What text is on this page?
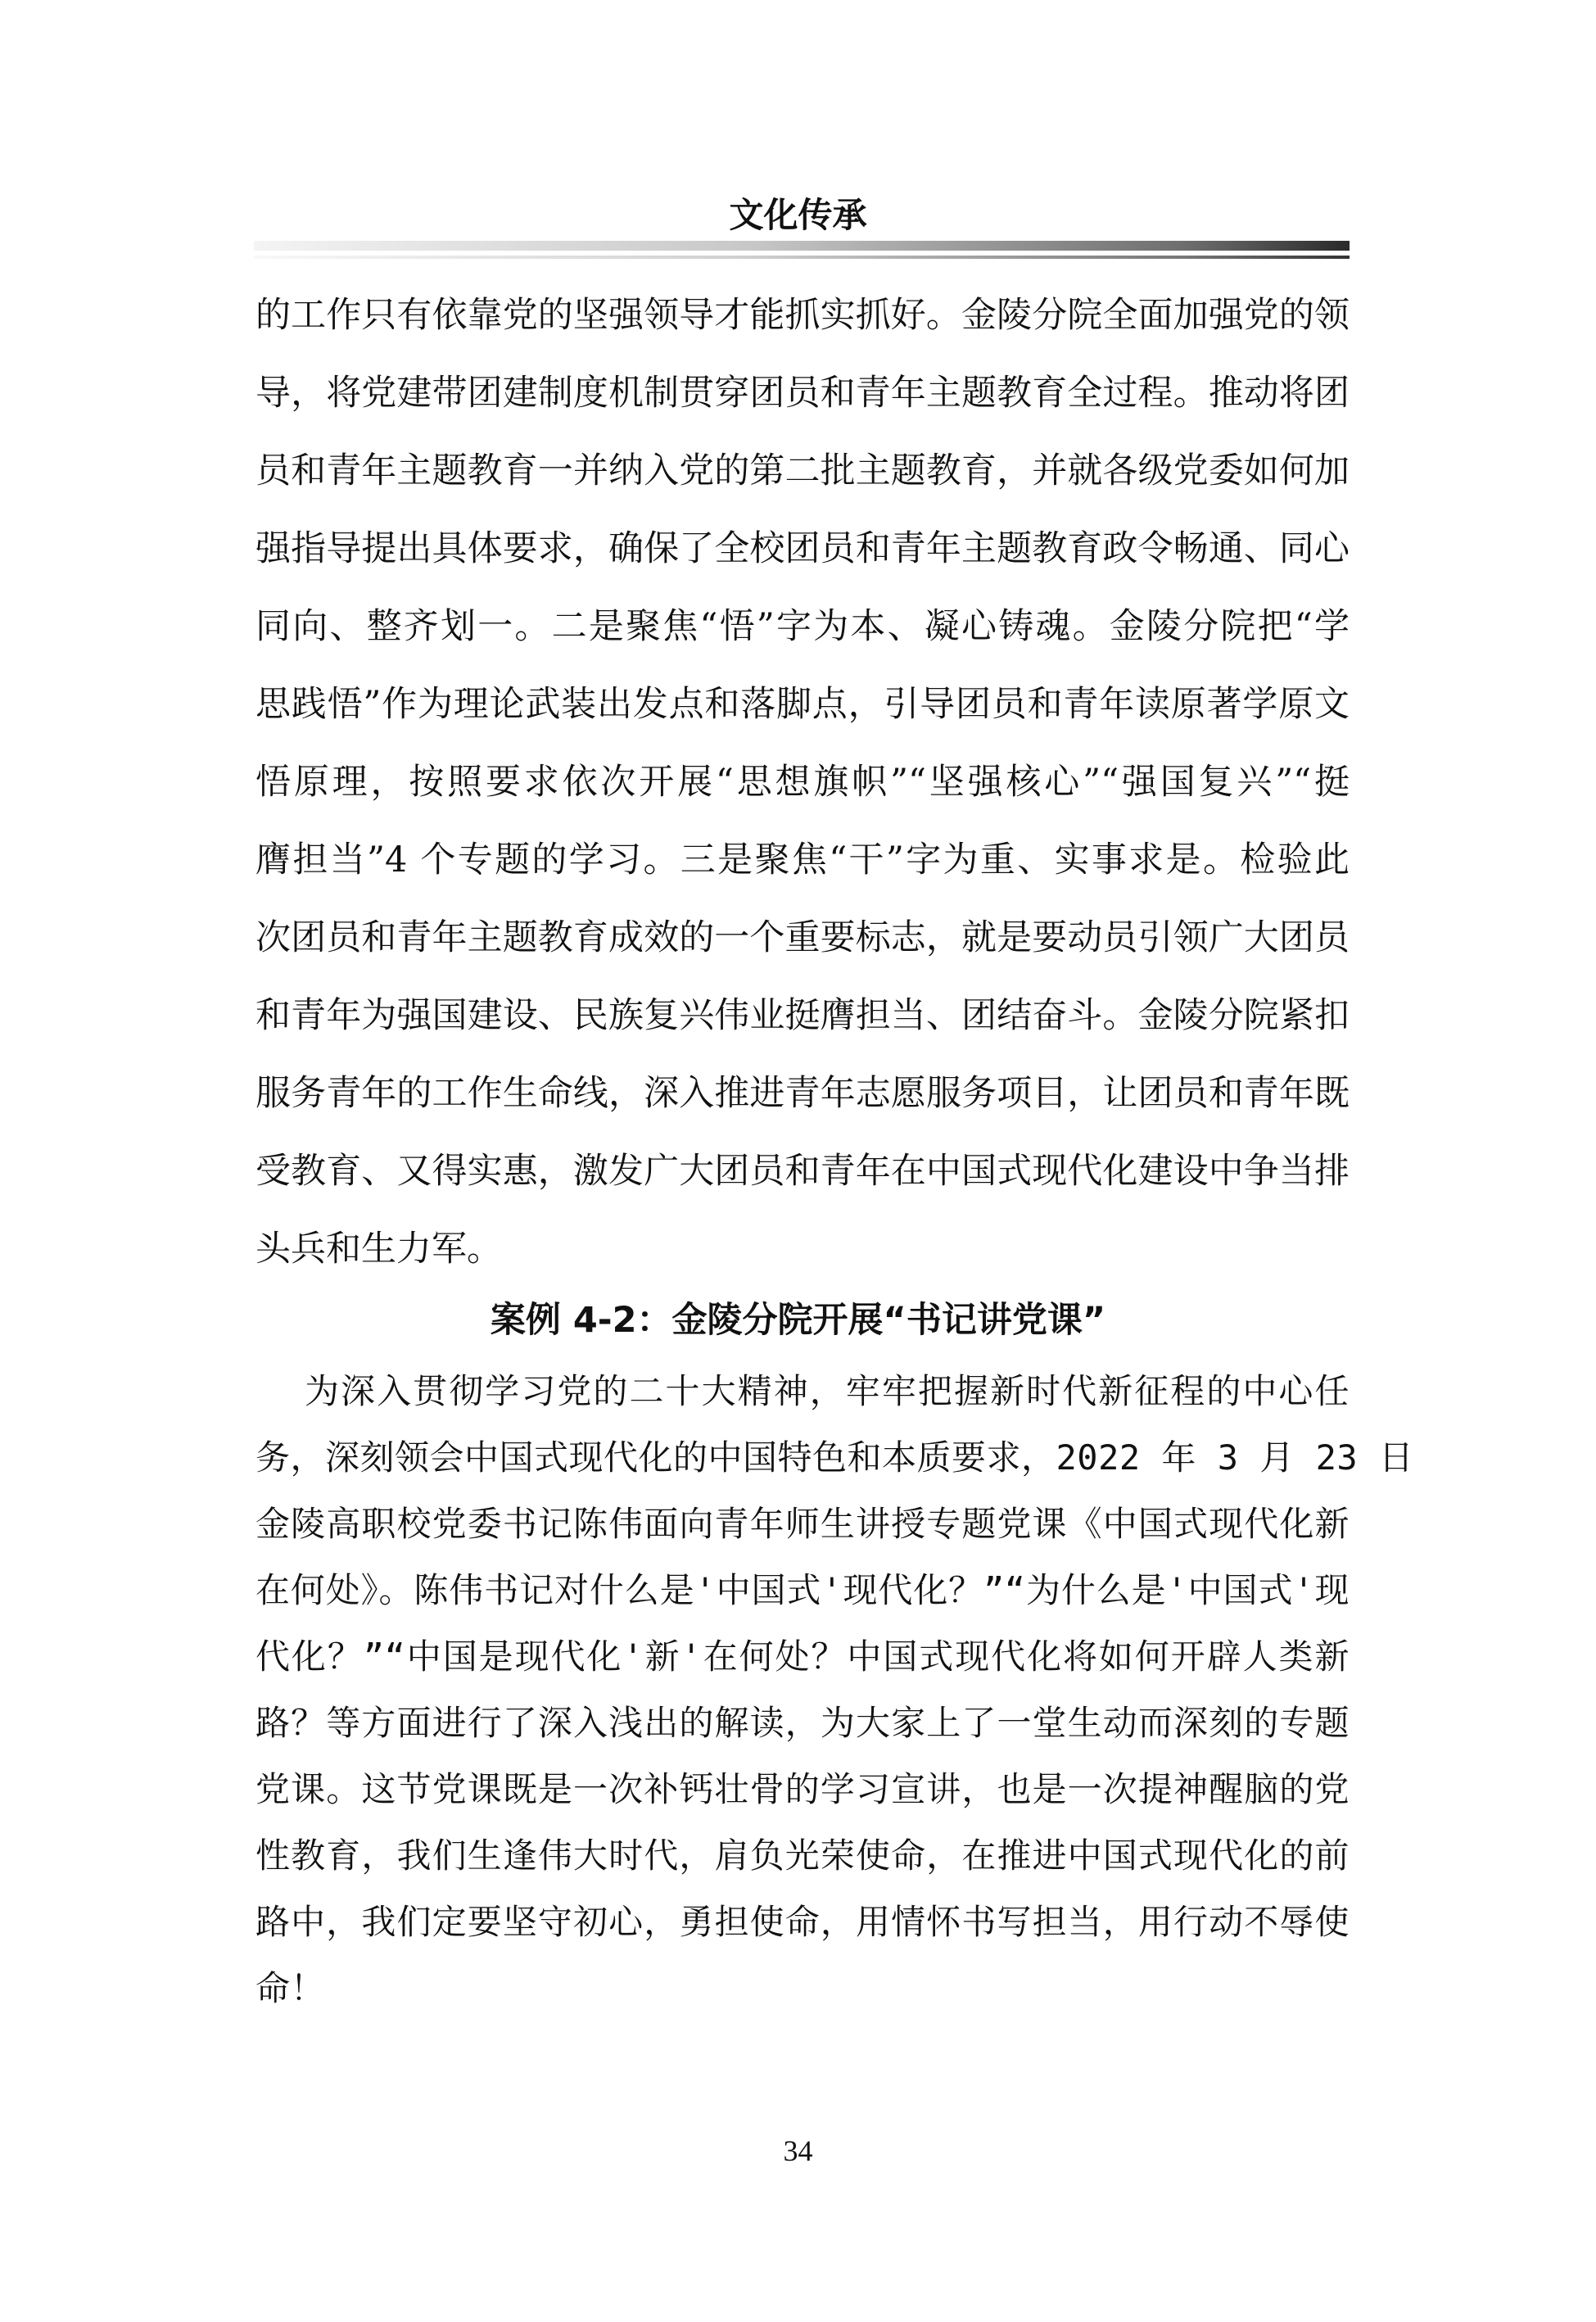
文化传承

的工作只有依靠党的坚强领导才能抓实抓好。金陵分院全面加强党的领

导，将党建带团建制度机制贯穿团员和青年主题教育全过程。推动将团

员和青年主题教育一并纳入党的第二批主题教育，并就各级党委如何加

强指导提出具体要求，确保了全校团员和青年主题教育政令畅通、同心

同向、整齐划一。二是聚焦“悟”字为本、凝心铸魂。金陵分院把“学

思践悟”作为理论武装出发点和落脚点，引导团员和青年读原著学原文

悟原理，按照要求依次开展“思想旗帜”“坚强核心”“强国复兴”“挺

膺担当”4 个专题的学习。三是聚焦“干”字为重、实事求是。检验此

次团员和青年主题教育成效的一个重要标志，就是要动员引领广大团员

和青年为强国建设、民族复兴伟业挺膺担当、团结奋斗。金陵分院紧扣

服务青年的工作生命线，深入推进青年志愿服务项目，让团员和青年既

受教育、又得实惠，激发广大团员和青年在中国式现代化建设中争当排

头兵和生力军。

案例 4-2：金陵分院开展“书记讲党课”

为深入贯彻学习党的二十大精神，牢牢把握新时代新征程的中心任

务，深刻领会中国式现代化的中国特色和本质要求，2022 年 3 月 23 日

金陵高职校党委书记陈伟面向青年师生讲授专题党课《中国式现代化新

在何处》。陈伟书记对什么是'中国式'现代化？”“为什么是'中国式'现

代化？”“中国是现代化'新'在何处？中国式现代化将如何开辟人类新

路？等方面进行了深入浅出的解读，为大家上了一堂生动而深刻的专题

党课。这节党课既是一次补钙壮骨的学习宣讲，也是一次提神醒脑的党

性教育，我们生逢伟大时代，肩负光荣使命，在推进中国式现代化的前

路中，我们定要坚守初心，勇担使命，用情怀书写担当，用行动不辱使

命！

34
